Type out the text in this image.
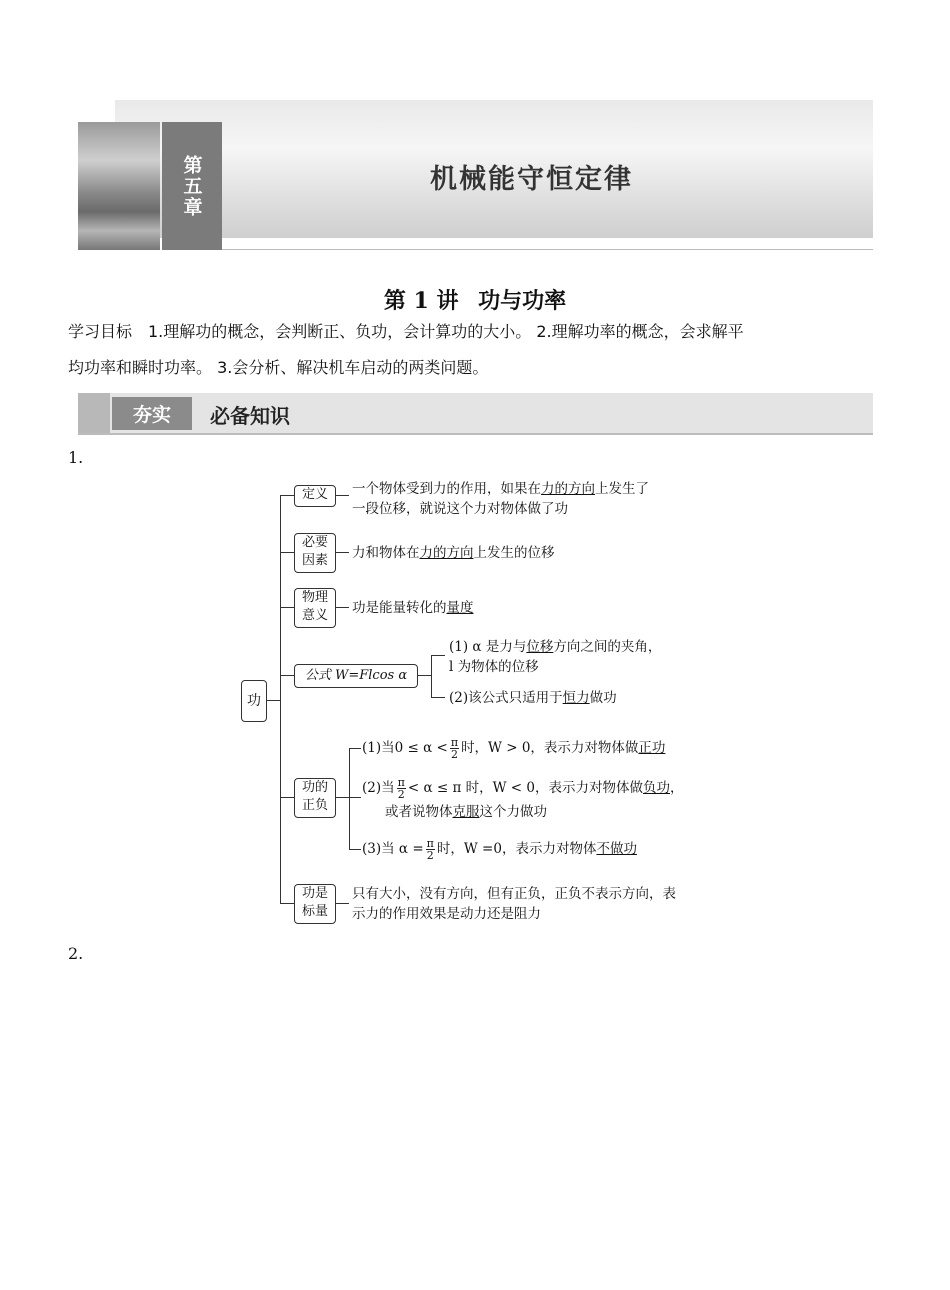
第五章	机械能守恒定律
第 1 讲 功与功率
学习目标　1.理解功的概念，会判断正、负功，会计算功的大小。 2.理解功率的概念，会求解平
均功率和瞬时功率。 3.会分析、解决机车启动的两类问题。
夯实	必备知识
1.
2.
功
定义	一个物体受到力的作用，如果在力的方向上发生了
一段位移，就说这个力对物体做了功
必要
因素	力和物体在力的方向上发生的位移
物理
意义	功是能量转化的量度
公式 W=Flcos α
(1) α 是力与位移方向之间的夹角，
l 为物体的位移
(2)该公式只适用于恒力做功
功的
正负
(1)当$0 \le \alpha < \frac{\pi}{2}$ 时，W > 0，表示力对物体做正功
(2)当 $\frac{\pi}{2} < \alpha \le \pi$ 时，W < 0，表示力对物体做负功，
或者说物体克服这个力做功
(3)当 $\alpha = \frac{\pi}{2}$ 时，W =0，表示力对物体不做功
功是
标量
只有大小，没有方向，但有正负，正负不表示方向，表
示力的作用效果是动力还是阻力
